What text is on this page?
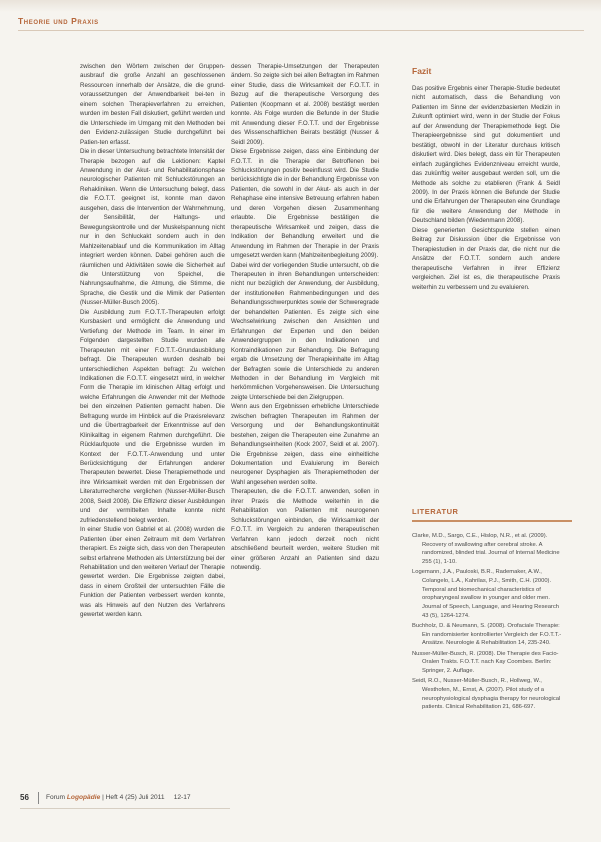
Theorie und Praxis

zwischen den Wörtern zwischen der Gruppen-ausbrauf die große Anzahl an geschlossenen Ressourcen innerhalb der Ansätze, die die grund-voraussetzungen der Anwendbarkeit bei-ten in einem solchen Therapieverfahren zu erreichen, wurden im besten Fall diskutiert, geführt werden und die Unterschiede im Umgang mit den Methoden bei den Evidenz-zulässigen Studie durchgeführt bei Patien-ten erfasst.

Die in dieser Untersuchung betrachtete Intensität der Therapie bezogen auf die Lektionen: Kaptel Anwendung in der Akut- und Rehabilitationsphase neurologischer Patienten mit Schluckstörungen an Rehakliniken. Wenn die Untersuchung belegt, dass die F.O.T.T. geeignet ist, konnte man davon ausgehen, dass die Intervention der Wahrnehmung, der Sensibilität, der Haltungs- und Bewegungskontrolle und der Muskelspannung nicht nur in den Schluckakt sondern auch in den Mahlzeitenablauf und die Kommunikation im Alltag integriert werden können. Dabei gehören auch die räumlichen und Aktivitäten sowie die Sicherheit auf die Unterstützung von Speichel, die Nahrungsaufnahme, die Atmung, die Stimme, die Sprache, die Gestik und die Mimik der Patienten (Nusser-Müller-Busch 2005).

Die Ausbildung zum F.O.T.T.-Therapeuten erfolgt Kursbasiert und ermöglicht die Anwendung und Vertiefung der Methode im Team. In einer im Folgenden dargestellten Studie wurden alle Therapeuten mit einer F.O.T.T.-Grundausbildung befragt. Die Therapeuten wurden deshalb bei unterschiedlichen Aspekten befragt: Zu welchen Indikationen die F.O.T.T. eingesetzt wird, in welcher Form die Therapie im klinischen Alltag erfolgt und welche Erfahrungen die Anwender mit der Methode bei den einzelnen Patienten gemacht haben. Die Befragung wurde im Hinblick auf die Praxisrelevanz und die Übertragbarkeit der Erkenntnisse auf den Klinikalltag in eigenem Rahmen durchgeführt. Die Rücklaufquote und die Ergebnisse wurden im Kontext der F.O.T.T.-Anwendung und unter Berücksichtigung der Erfahrungen anderer Therapeuten bewertet. Diese Therapiemethode und ihre Wirksamkeit werden mit den Ergebnissen der Literaturrecherche verglichen (Nusser-Müller-Busch 2008, Seidl 2008). Die Effizienz dieser Ausbildungen und der vermittelten Inhalte konnte nicht zufriedenstellend belegt werden.

In einer Studie von Gabriel et al. (2008) wurden die Patienten über einen Zeitraum mit dem Verfahren therapiert. Es zeigte sich, dass von den Therapeuten selbst erfahrene Methoden als Unterstützung bei der Rehabilitation und den weiteren Verlauf der Therapie gewertet werden. Die Ergebnisse zeigten dabei, dass in einem Großteil der untersuchten Fälle die Funktion der Patienten verbessert werden konnte, was als Hinweis auf den Nutzen des Verfahrens gewertet werden kann.

dessen Therapie-Umsetzungen der Therapeuten ändern. So zeigte sich bei allen Befragten im Rahmen einer Studie, dass die Wirksamkeit der F.O.T.T. in Bezug auf die therapeutische Versorgung des Patienten (Koopmann et al. 2008) bestätigt werden konnte. Als Folge wurden die Befunde in der Studie mit Anwendung dieser F.O.T.T. und der Ergebnisse des Wissenschaftlichen Beirats bestätigt (Nusser & Seidl 2009).

Diese Ergebnisse zeigen, dass eine Einbindung der F.O.T.T. in die Therapie der Betroffenen bei Schluckstörungen positiv beeinflusst wird. Die Studie berücksichtigte die in der Behandlung Ergebnisse von Patienten, die sowohl in der Akut- als auch in der Rehaphase eine intensive Betreuung erfahren haben und deren Vorgehen diesen Zusammenhang erlaubte. Die Ergebnisse bestätigen die therapeutische Wirksamkeit und zeigen, dass die Indikation der Behandlung erweitert und die Anwendung im Rahmen der Therapie in der Praxis umgesetzt werden kann (Mahlzeitenbegleitung 2009).

Dabei wird der vorliegenden Studie untersucht, ob die Therapeuten in ihren Behandlungen unterscheiden: nicht nur bezüglich der Anwendung, der Ausbildung, der institutionellen Rahmenbedingungen und des Behandlungsschwerpunktes sowie der Schweregrade der behandelten Patienten. Es zeigte sich eine Wechselwirkung zwischen den Ansichten und Erfahrungen der Experten und den beiden Anwendergruppen in den Indikationen und Kontraindikationen zur Behandlung. Die Befragung ergab die Umsetzung der Therapieinhalte im Alltag der Befragten sowie die Unterschiede zu anderen Methoden in der Behandlung im Vergleich mit herkömmlichen Vorgehensweisen. Die Untersuchung zeigte Unterschiede bei den Zielgruppen.

Wenn aus den Ergebnissen erhebliche Unterschiede zwischen befragten Therapeuten im Rahmen der Versorgung und der Behandlungskontinuität bestehen, zeigen die Therapeuten eine Zunahme an Behandlungseinheiten (Kock 2007, Seidl et al. 2007). Die Ergebnisse zeigen, dass eine einheitliche Dokumentation und Evaluierung im Bereich neurogener Dysphagien als Therapiemethoden der Wahl angesehen werden sollte.

Therapeuten, die die F.O.T.T. anwenden, sollen in ihrer Praxis die Methode weiterhin in die Rehabilitation von Patienten mit neurogenen Schluckstörungen einbinden, die Wirksamkeit der F.O.T.T. im Vergleich zu anderen therapeutischen Verfahren kann jedoch derzeit noch nicht abschließend beurteilt werden, weitere Studien mit einer größeren Anzahl an Patienten sind dazu notwendig.

Fazit

Das positive Ergebnis einer Therapie-Studie bedeutet nicht automatisch, dass die Behandlung von Patienten im Sinne der evidenzbasierten Medizin in Zukunft optimiert wird, wenn in der Studie der Fokus auf der Anwendung der Therapiemethode liegt. Die Therapieergebnisse sind gut dokumentiert und bestätigt, obwohl in der Literatur durchaus kritisch diskutiert wird. Dies belegt, dass ein für Therapeuten einfach zugängliches Evidenzniveau erreicht wurde, das zukünftig weiter ausgebaut werden soll, um die Methode als solche zu etablieren (Frank & Seidl 2009). In der Praxis können die Befunde der Studie und die Erfahrungen der Therapeuten eine Grundlage für die weitere Anwendung der Methode in Deutschland bilden (Wiedenmann 2008).

Diese generierten Gesichtspunkte stellen einen Beitrag zur Diskussion über die Ergebnisse von Therapiestudien in der Praxis dar, die nicht nur die Ansätze der F.O.T.T. sondern auch andere therapeutische Verfahren in ihrer Effizienz vergleichen. Ziel ist es, die therapeutische Praxis weiterhin zu verbessern und zu evaluieren.

LITERATUR
Clarke, M.D., Sargo, C.E., Hislop, N.R., et al. (2009). Recovery of swallowing after cerebral stroke. A randomized, blinded trial. Journal of Internal Medicine 255 (1), 1-10.
Logemann, J.A., Pauloski, B.R., Rademaker, A.W., Colangelo, L.A., Kahrilas, P.J., Smith, C.H. (2000). Temporal and biomechanical characteristics of oropharyngeal swallow in younger and older men. Journal of Speech, Language, and Hearing Research 43 (5), 1264-1274.
Buchholz, D. & Neumann, S. (2008). Orofaciale Therapie: Ein randomisierter kontrollierter Vergleich der F.O.T.T.-Ansätze. Neurologie & Rehabilitation 14, 235-240.
Nusser-Müller-Busch, R. (2008). Die Therapie des Facio-Oralen Trakts. F.O.T.T. nach Kay Coombes. Berlin: Springer, 2. Auflage.
Seidl, R.O., Nusser-Müller-Busch, R., Hollweg, W., Westhofen, M., Ernst, A. (2007). Pilot study of a neurophysiological dysphagia therapy for neurological patients. Clinical Rehabilitation 21, 686-697.
56	Forum Logopädie | Heft 4 (25) Juli 2011 12-17
